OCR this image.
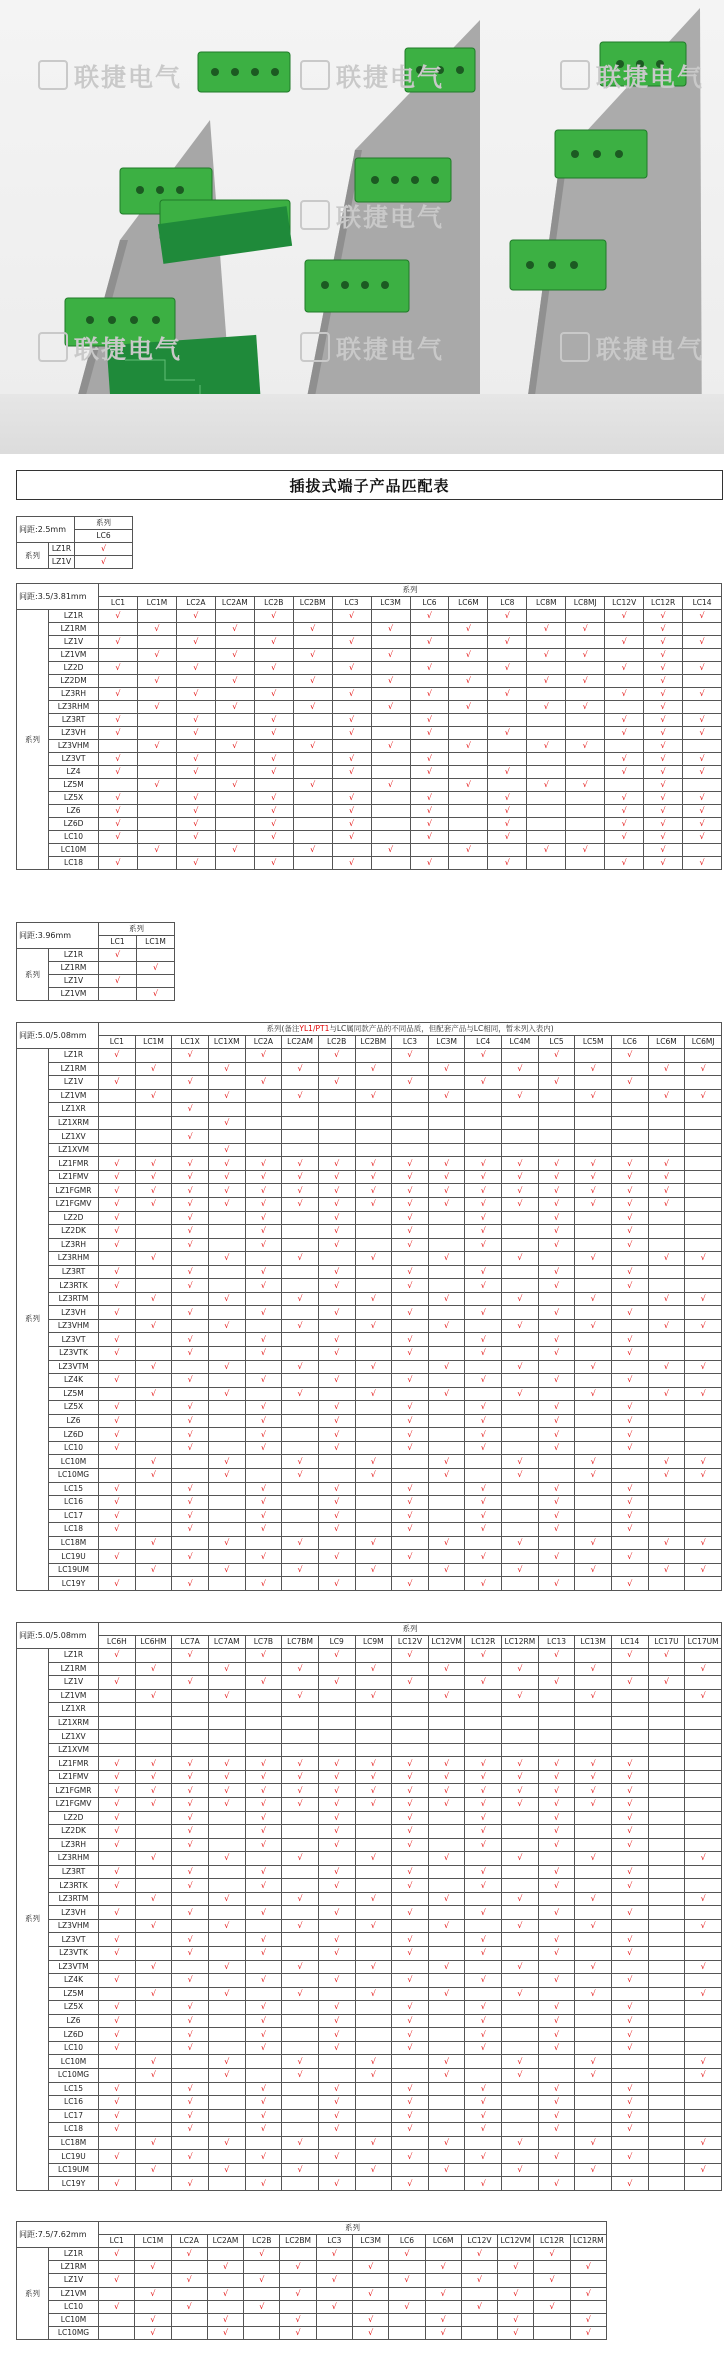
联捷电气	联捷电气	联捷电气
联捷电气
联捷电气	联捷电气	联捷电气
插拔式端子产品匹配表
间距:2.5mm		系列
		LC6
系列	LZ1R	√
	LZ1V	√
间距:3.5/3.81mm		系列															
		LC1	LC1M	LC2A	LC2AM	LC2B	LC2BM	LC3	LC3M	LC6	LC6M	LC8	LC8M	LC8MJ	LC12V	LC12R	LC14
系列	LZ1R	√		√		√		√		√		√			√	√	√
	LZ1RM		√		√		√		√		√		√	√		√	
	LZ1V	√		√		√		√		√		√			√	√	√
	LZ1VM		√		√		√		√		√		√	√		√	
	LZ2D	√		√		√		√		√		√			√	√	√
	LZ2DM		√		√		√		√		√		√	√		√	
	LZ3RH	√		√		√		√		√		√			√	√	√
	LZ3RHM		√		√		√		√		√		√	√		√	
	LZ3RT	√		√		√		√		√					√	√	√
	LZ3VH	√		√		√		√		√		√			√	√	√
	LZ3VHM		√		√		√		√		√		√	√		√	
	LZ3VT	√		√		√		√		√					√	√	√
	LZ4	√		√		√		√		√		√			√	√	√
	LZ5M		√		√		√		√		√		√	√		√	
	LZ5X	√		√		√		√		√		√			√	√	√
	LZ6	√		√		√		√		√		√			√	√	√
	LZ6D	√		√		√		√		√		√			√	√	√
	LC10	√		√		√		√		√		√			√	√	√
	LC10M		√		√		√		√		√		√	√		√	
	LC18	√		√		√		√		√		√			√	√	√
间距:3.96mm		系列	
		LC1	LC1M
系列	LZ1R	√	
	LZ1RM		√
	LZ1V	√	
	LZ1VM		√
间距:5.0/5.08mm		系列(备注YL1/PT1与LC属同款产品的不同品质，但配套产品与LC相同，暂未列入表内)																
		LC1	LC1M	LC1X	LC1XM	LC2A	LC2AM	LC2B	LC2BM	LC3	LC3M	LC4	LC4M	LC5	LC5M	LC6	LC6M	LC6MJ
系列	LZ1R	√		√		√		√		√		√		√		√		
	LZ1RM		√		√		√		√		√		√		√		√	√
	LZ1V	√		√		√		√		√		√		√		√		
	LZ1VM		√		√		√		√		√		√		√		√	√
	LZ1XR			√														
	LZ1XRM				√													
	LZ1XV			√														
	LZ1XVM				√													
	LZ1FMR	√	√	√	√	√	√	√	√	√	√	√	√	√	√	√	√	
	LZ1FMV	√	√	√	√	√	√	√	√	√	√	√	√	√	√	√	√	
	LZ1FGMR	√	√	√	√	√	√	√	√	√	√	√	√	√	√	√	√	
	LZ1FGMV	√	√	√	√	√	√	√	√	√	√	√	√	√	√	√	√	
	LZ2D	√		√		√		√		√		√		√		√		
	LZ2DK	√		√		√		√		√		√		√		√		
	LZ3RH	√		√		√		√		√		√		√		√		
	LZ3RHM		√		√		√		√		√		√		√		√	√
	LZ3RT	√		√		√		√		√		√		√		√		
	LZ3RTK	√		√		√		√		√		√		√		√		
	LZ3RTM		√		√		√		√		√		√		√		√	√
	LZ3VH	√		√		√		√		√		√		√		√		
	LZ3VHM		√		√		√		√		√		√		√		√	√
	LZ3VT	√		√		√		√		√		√		√		√		
	LZ3VTK	√		√		√		√		√		√		√		√		
	LZ3VTM		√		√		√		√		√		√		√		√	√
	LZ4K	√		√		√		√		√		√		√		√		
	LZ5M		√		√		√		√		√		√		√		√	√
	LZ5X	√		√		√		√		√		√		√		√		
	LZ6	√		√		√		√		√		√		√		√		
	LZ6D	√		√		√		√		√		√		√		√		
	LC10	√		√		√		√		√		√		√		√		
	LC10M		√		√		√		√		√		√		√		√	√
	LC10MG		√		√		√		√		√		√		√		√	√
	LC15	√		√		√		√		√		√		√		√		
	LC16	√		√		√		√		√		√		√		√		
	LC17	√		√		√		√		√		√		√		√		
	LC18	√		√		√		√		√		√		√		√		
	LC18M		√		√		√		√		√		√		√		√	√
	LC19U	√		√		√		√		√		√		√		√		
	LC19UM		√		√		√		√		√		√		√		√	√
	LC19Y	√		√		√		√		√		√		√		√		
间距:5.0/5.08mm		系列																
		LC6H	LC6HM	LC7A	LC7AM	LC7B	LC7BM	LC9	LC9M	LC12V	LC12VM	LC12R	LC12RM	LC13	LC13M	LC14	LC17U	LC17UM
系列	LZ1R	√		√		√		√		√		√		√		√	√	
	LZ1RM		√		√		√		√		√		√		√			√
	LZ1V	√		√		√		√		√		√		√		√	√	
	LZ1VM		√		√		√		√		√		√		√			√
	LZ1XR																	
	LZ1XRM																	
	LZ1XV																	
	LZ1XVM																	
	LZ1FMR	√	√	√	√	√	√	√	√	√	√	√	√	√	√	√		
	LZ1FMV	√	√	√	√	√	√	√	√	√	√	√	√	√	√	√		
	LZ1FGMR	√	√	√	√	√	√	√	√	√	√	√	√	√	√	√		
	LZ1FGMV	√	√	√	√	√	√	√	√	√	√	√	√	√	√	√		
	LZ2D	√		√		√		√		√		√		√		√		
	LZ2DK	√		√		√		√		√		√		√		√		
	LZ3RH	√		√		√		√		√		√		√		√		
	LZ3RHM		√		√		√		√		√		√		√			√
	LZ3RT	√		√		√		√		√		√		√		√		
	LZ3RTK	√		√		√		√		√		√		√		√		
	LZ3RTM		√		√		√		√		√		√		√			√
	LZ3VH	√		√		√		√		√		√		√		√		
	LZ3VHM		√		√		√		√		√		√		√			√
	LZ3VT	√		√		√		√		√		√		√		√		
	LZ3VTK	√		√		√		√		√		√		√		√		
	LZ3VTM		√		√		√		√		√		√		√			√
	LZ4K	√		√		√		√		√		√		√		√		
	LZ5M		√		√		√		√		√		√		√			√
	LZ5X	√		√		√		√		√		√		√		√		
	LZ6	√		√		√		√		√		√		√		√		
	LZ6D	√		√		√		√		√		√		√		√		
	LC10	√		√		√		√		√		√		√		√		
	LC10M		√		√		√		√		√		√		√			√
	LC10MG		√		√		√		√		√		√		√			√
	LC15	√		√		√		√		√		√		√		√		
	LC16	√		√		√		√		√		√		√		√		
	LC17	√		√		√		√		√		√		√		√		
	LC18	√		√		√		√		√		√		√		√		
	LC18M		√		√		√		√		√		√		√			√
	LC19U	√		√		√		√		√		√		√		√		
	LC19UM		√		√		√		√		√		√		√			√
	LC19Y	√		√		√		√		√		√		√		√		
间距:7.5/7.62mm		系列													
		LC1	LC1M	LC2A	LC2AM	LC2B	LC2BM	LC3	LC3M	LC6	LC6M	LC12V	LC12VM	LC12R	LC12RM
系列	LZ1R	√		√		√		√		√		√		√	
	LZ1RM		√		√		√		√		√		√		√
	LZ1V	√		√		√		√		√		√		√	
	LZ1VM		√		√		√		√		√		√		√
	LC10	√		√		√		√		√		√		√	
	LC10M		√		√		√		√		√		√		√
	LC10MG		√		√		√		√		√		√		√
